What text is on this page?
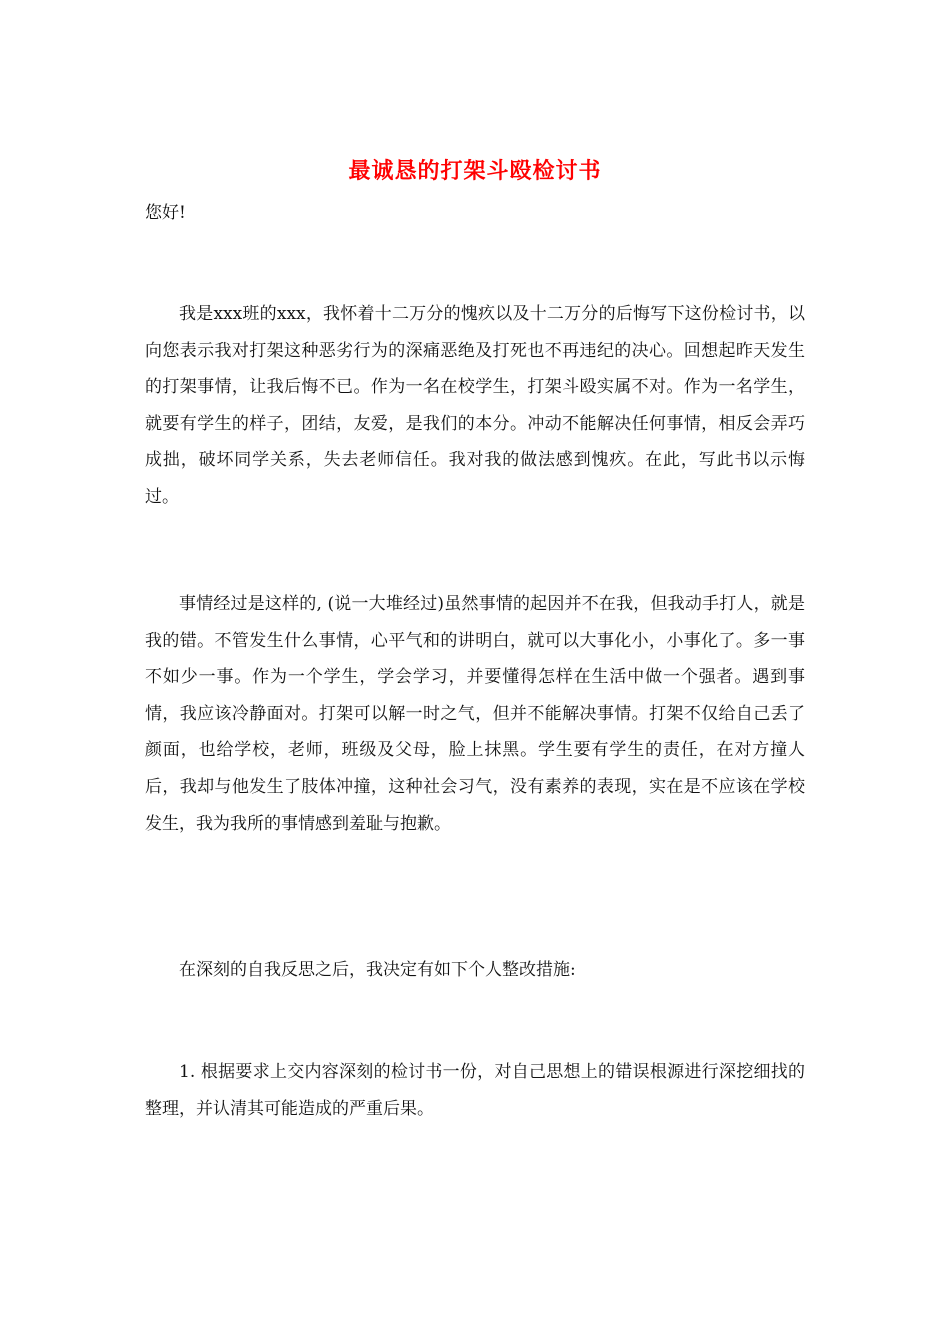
最诚恳的打架斗殴检讨书

您好!

我是xxx班的xxx，我怀着十二万分的愧疚以及十二万分的后悔写下这份检讨书，以向您表示我对打架这种恶劣行为的深痛恶绝及打死也不再违纪的决心。回想起昨天发生的打架事情，让我后悔不已。作为一名在校学生，打架斗殴实属不对。作为一名学生，就要有学生的样子，团结，友爱，是我们的本分。冲动不能解决任何事情，相反会弄巧成拙，破坏同学关系，失去老师信任。我对我的做法感到愧疚。在此，写此书以示悔过。

事情经过是这样的, (说一大堆经过)虽然事情的起因并不在我，但我动手打人，就是我的错。不管发生什么事情，心平气和的讲明白，就可以大事化小，小事化了。多一事不如少一事。作为一个学生，学会学习，并要懂得怎样在生活中做一个强者。遇到事情，我应该冷静面对。打架可以解一时之气，但并不能解决事情。打架不仅给自己丢了颜面，也给学校，老师，班级及父母，脸上抹黑。学生要有学生的责任，在对方撞人后，我却与他发生了肢体冲撞，这种社会习气，没有素养的表现，实在是不应该在学校发生，我为我所的事情感到羞耻与抱歉。

在深刻的自我反思之后，我决定有如下个人整改措施:

1. 根据要求上交内容深刻的检讨书一份，对自己思想上的错误根源进行深挖细找的整理，并认清其可能造成的严重后果。
